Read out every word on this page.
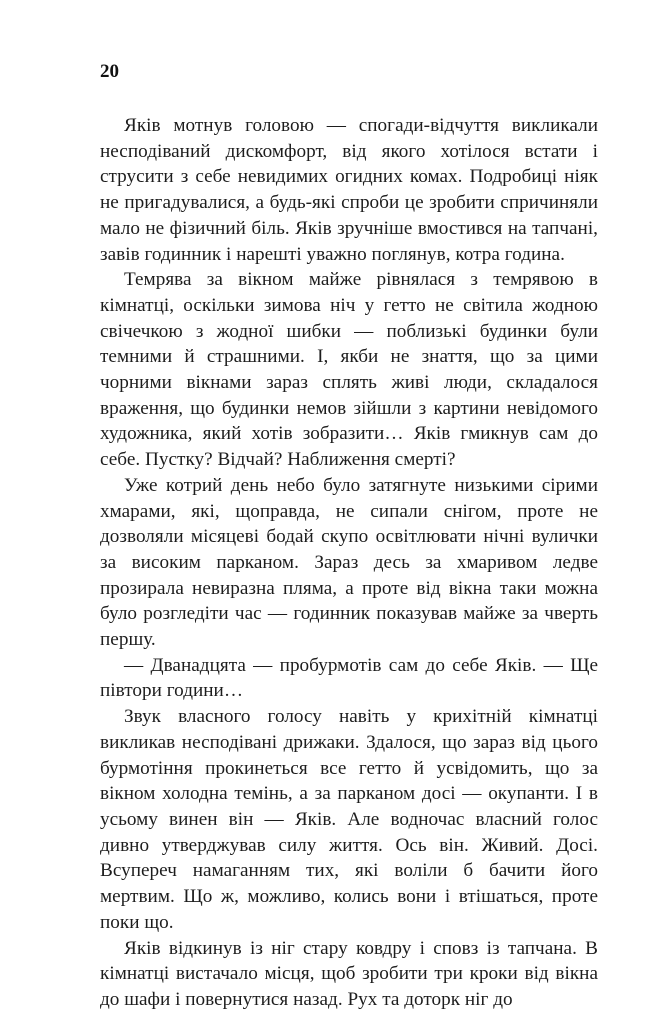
20

Яків мотнув головою — спогади-відчуття викликали несподіваний дискомфорт, від якого хотілося встати і струсити з себе невидимих огидних комах. Подробиці ніяк не пригадувалися, а будь-які спроби це зробити спричиняли мало не фізичний біль. Яків зручніше вмостився на тапчані, завів годинник і нарешті уважно поглянув, котра година.

Темрява за вікном майже рівнялася з темрявою в кімнатці, оскільки зимова ніч у гетто не світила жодною свічечкою з жодної шибки — поблизькі будинки були темними й страшними. І, якби не знаття, що за цими чорними вікнами зараз сплять живі люди, складалося враження, що будинки немов зійшли з картини невідомого художника, який хотів зобразити… Яків гмикнув сам до себе. Пустку? Відчай? Наближення смерті?

Уже котрий день небо було затягнуте низькими сірими хмарами, які, щоправда, не сипали снігом, проте не дозволяли місяцеві бодай скупо освітлювати нічні вулички за високим парканом. Зараз десь за хмаривом ледве прозирала невиразна пляма, а проте від вікна таки можна було розгледіти час — годинник показував майже за чверть першу.

— Дванадцята — пробурмотів сам до себе Яків. — Ще півтори години…

Звук власного голосу навіть у крихітній кімнатці викликав несподівані дрижаки. Здалося, що зараз від цього бурмотіння прокинеться все гетто й усвідомить, що за вікном холодна темінь, а за парканом досі — окупанти. І в усьому винен він — Яків. Але водночас власний голос дивно утверджував силу життя. Ось він. Живий. Досі. Всупереч намаганням тих, які воліли б бачити його мертвим. Що ж, можливо, колись вони і втішаться, проте поки що.

Яків відкинув із ніг стару ковдру і сповз із тапчана. В кімнатці вистачало місця, щоб зробити три кроки від вікна до шафи і повернутися назад. Рух та доторк ніг до
